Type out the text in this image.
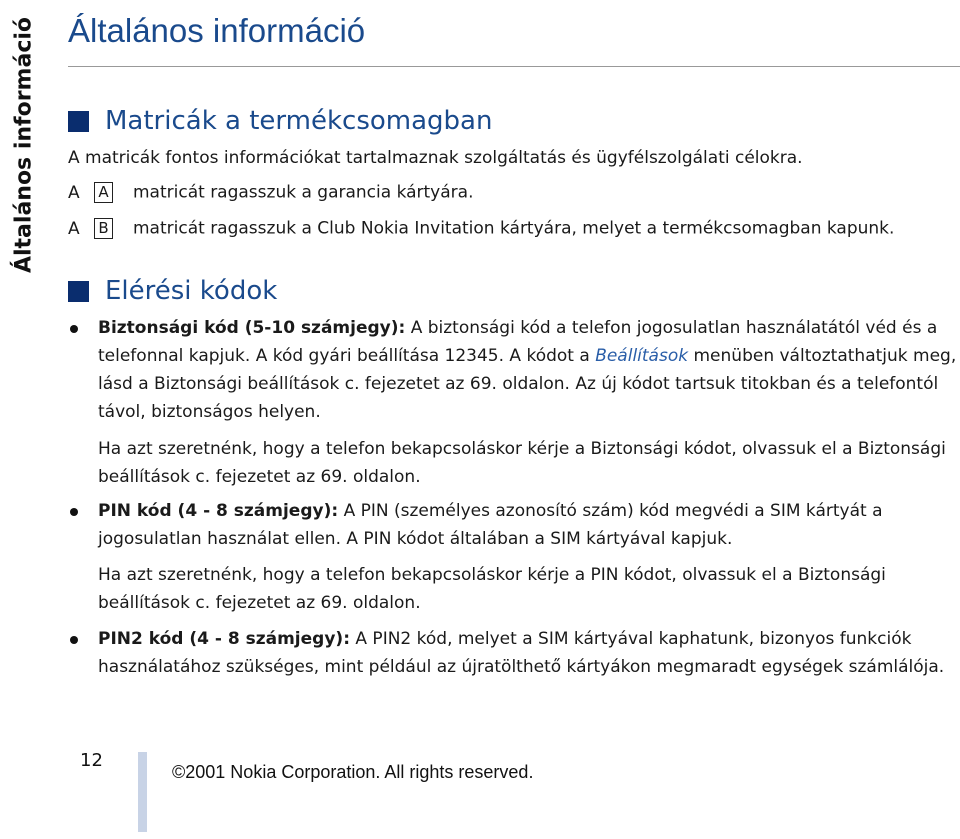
Általános információ Általános információ
Matricák a termékcsomagban
A matricák fontos információkat tartalmaznak szolgáltatás és ügyfélszolgálati célokra.
A A matricát ragasszuk a garancia kártyára.
A B matricát ragasszuk a Club Nokia Invitation kártyára, melyet a termékcsomagban kapunk.
Elérési kódok

Biztonsági kód (5-10 számjegy): A biztonsági kód a telefon jogosulatlan használatától véd és a telefonnal kapjuk. A kód gyári beállítása 12345. A kódot a Beállítások menüben változtathatjuk meg, lásd a Biztonsági beállítások c. fejezetet az 69. oldalon. Az új kódot tartsuk titokban és a telefontól távol, biztonságos helyen.

Ha azt szeretnénk, hogy a telefon bekapcsoláskor kérje a Biztonsági kódot, olvassuk el a Biztonsági beállítások c. fejezetet az 69. oldalon.

PIN kód (4 - 8 számjegy): A PIN (személyes azonosító szám) kód megvédi a SIM kártyát a jogosulatlan használat ellen. A PIN kódot általában a SIM kártyával kapjuk.

Ha azt szeretnénk, hogy a telefon bekapcsoláskor kérje a PIN kódot, olvassuk el a Biztonsági beállítások c. fejezetet az 69. oldalon.

PIN2 kód (4 - 8 számjegy): A PIN2 kód, melyet a SIM kártyával kaphatunk, bizonyos funkciók használatához szükséges, mint például az újratölthető kártyákon megmaradt egységek számlálója.

12
©2001 Nokia Corporation. All rights reserved.
